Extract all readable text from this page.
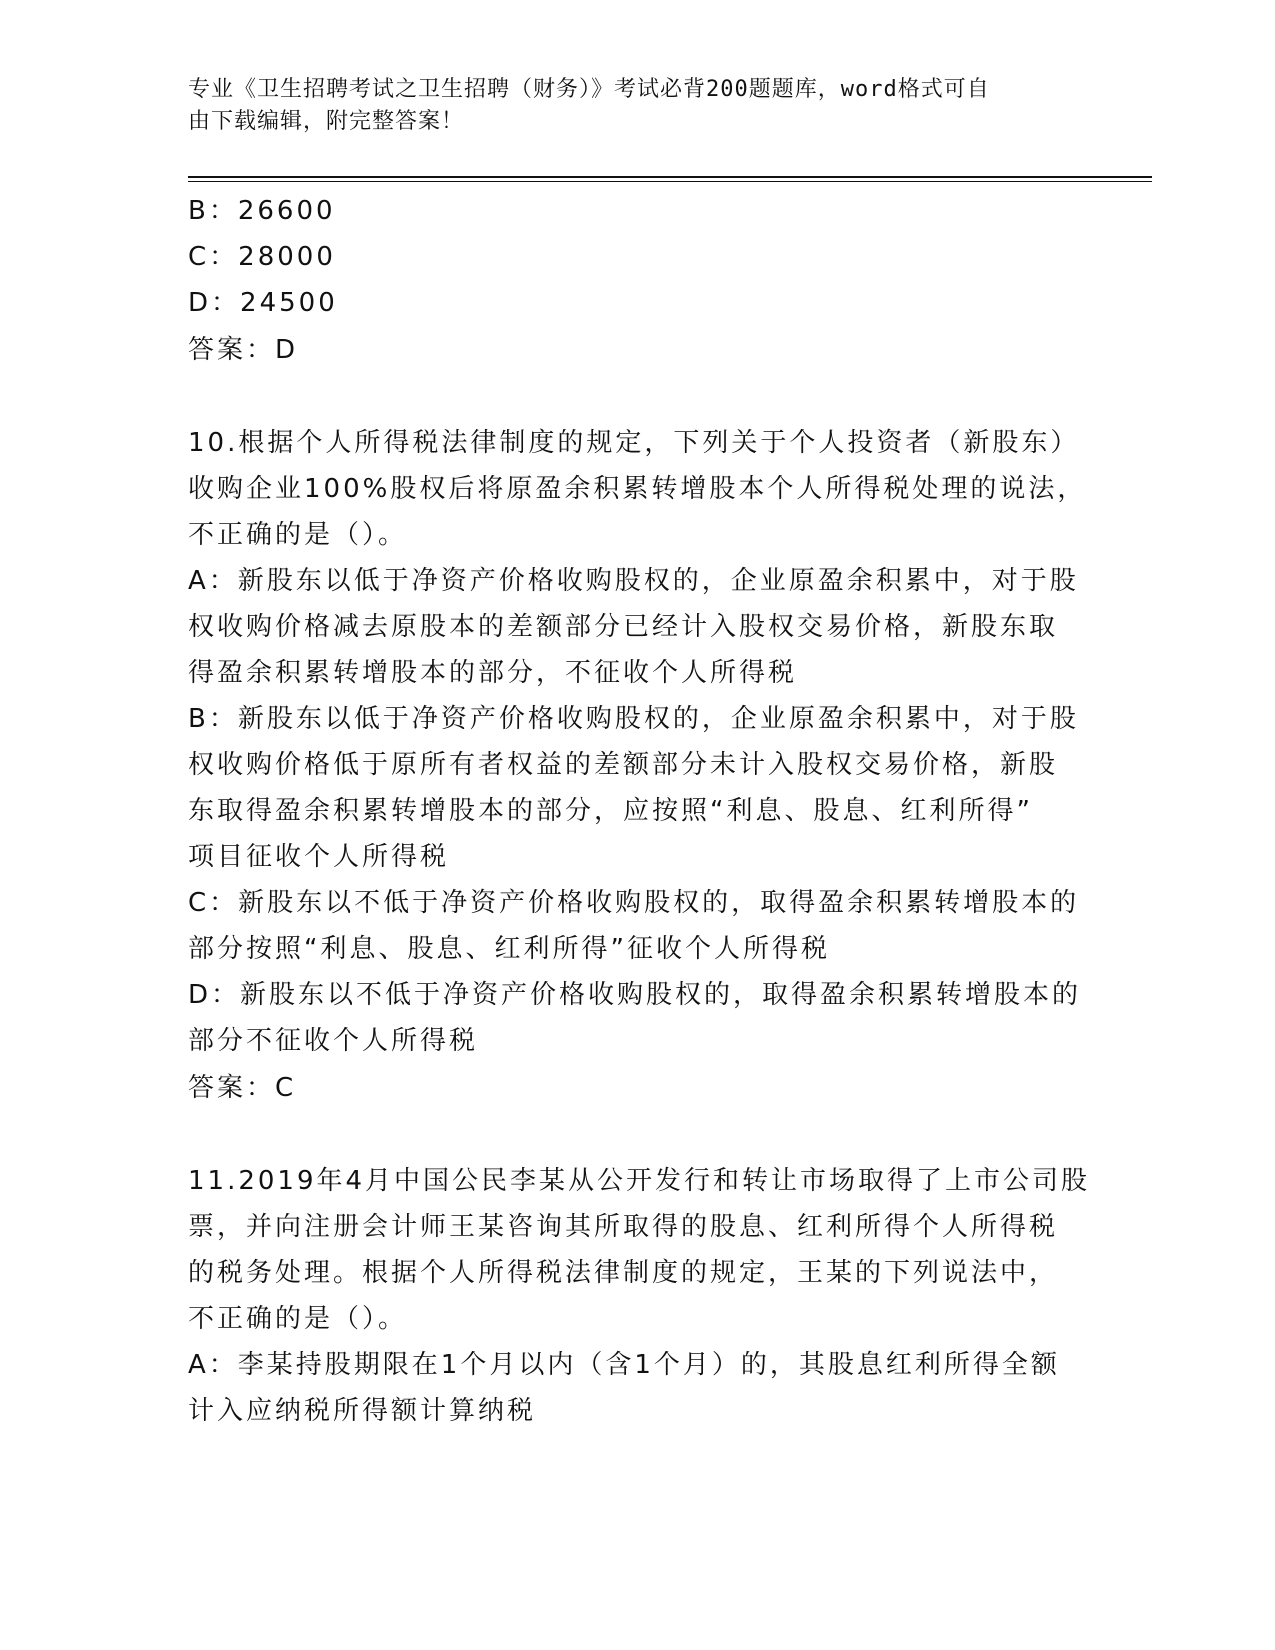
专业《卫生招聘考试之卫生招聘（财务）》考试必背200题题库，word格式可自
由下载编辑，附完整答案！
B：26600
C：28000
D：24500
答案：D
10.根据个人所得税法律制度的规定，下列关于个人投资者（新股东）
收购企业100%股权后将原盈余积累转增股本个人所得税处理的说法，
不正确的是（）。
A：新股东以低于净资产价格收购股权的，企业原盈余积累中，对于股
权收购价格减去原股本的差额部分已经计入股权交易价格，新股东取
得盈余积累转增股本的部分，不征收个人所得税
B：新股东以低于净资产价格收购股权的，企业原盈余积累中，对于股
权收购价格低于原所有者权益的差额部分未计入股权交易价格，新股
东取得盈余积累转增股本的部分，应按照“利息、股息、红利所得”
项目征收个人所得税
C：新股东以不低于净资产价格收购股权的，取得盈余积累转增股本的
部分按照“利息、股息、红利所得”征收个人所得税
D：新股东以不低于净资产价格收购股权的，取得盈余积累转增股本的
部分不征收个人所得税
答案：C
11.2019年4月中国公民李某从公开发行和转让市场取得了上市公司股
票，并向注册会计师王某咨询其所取得的股息、红利所得个人所得税
的税务处理。根据个人所得税法律制度的规定，王某的下列说法中，
不正确的是（）。
A：李某持股期限在1个月以内（含1个月）的，其股息红利所得全额
计入应纳税所得额计算纳税
